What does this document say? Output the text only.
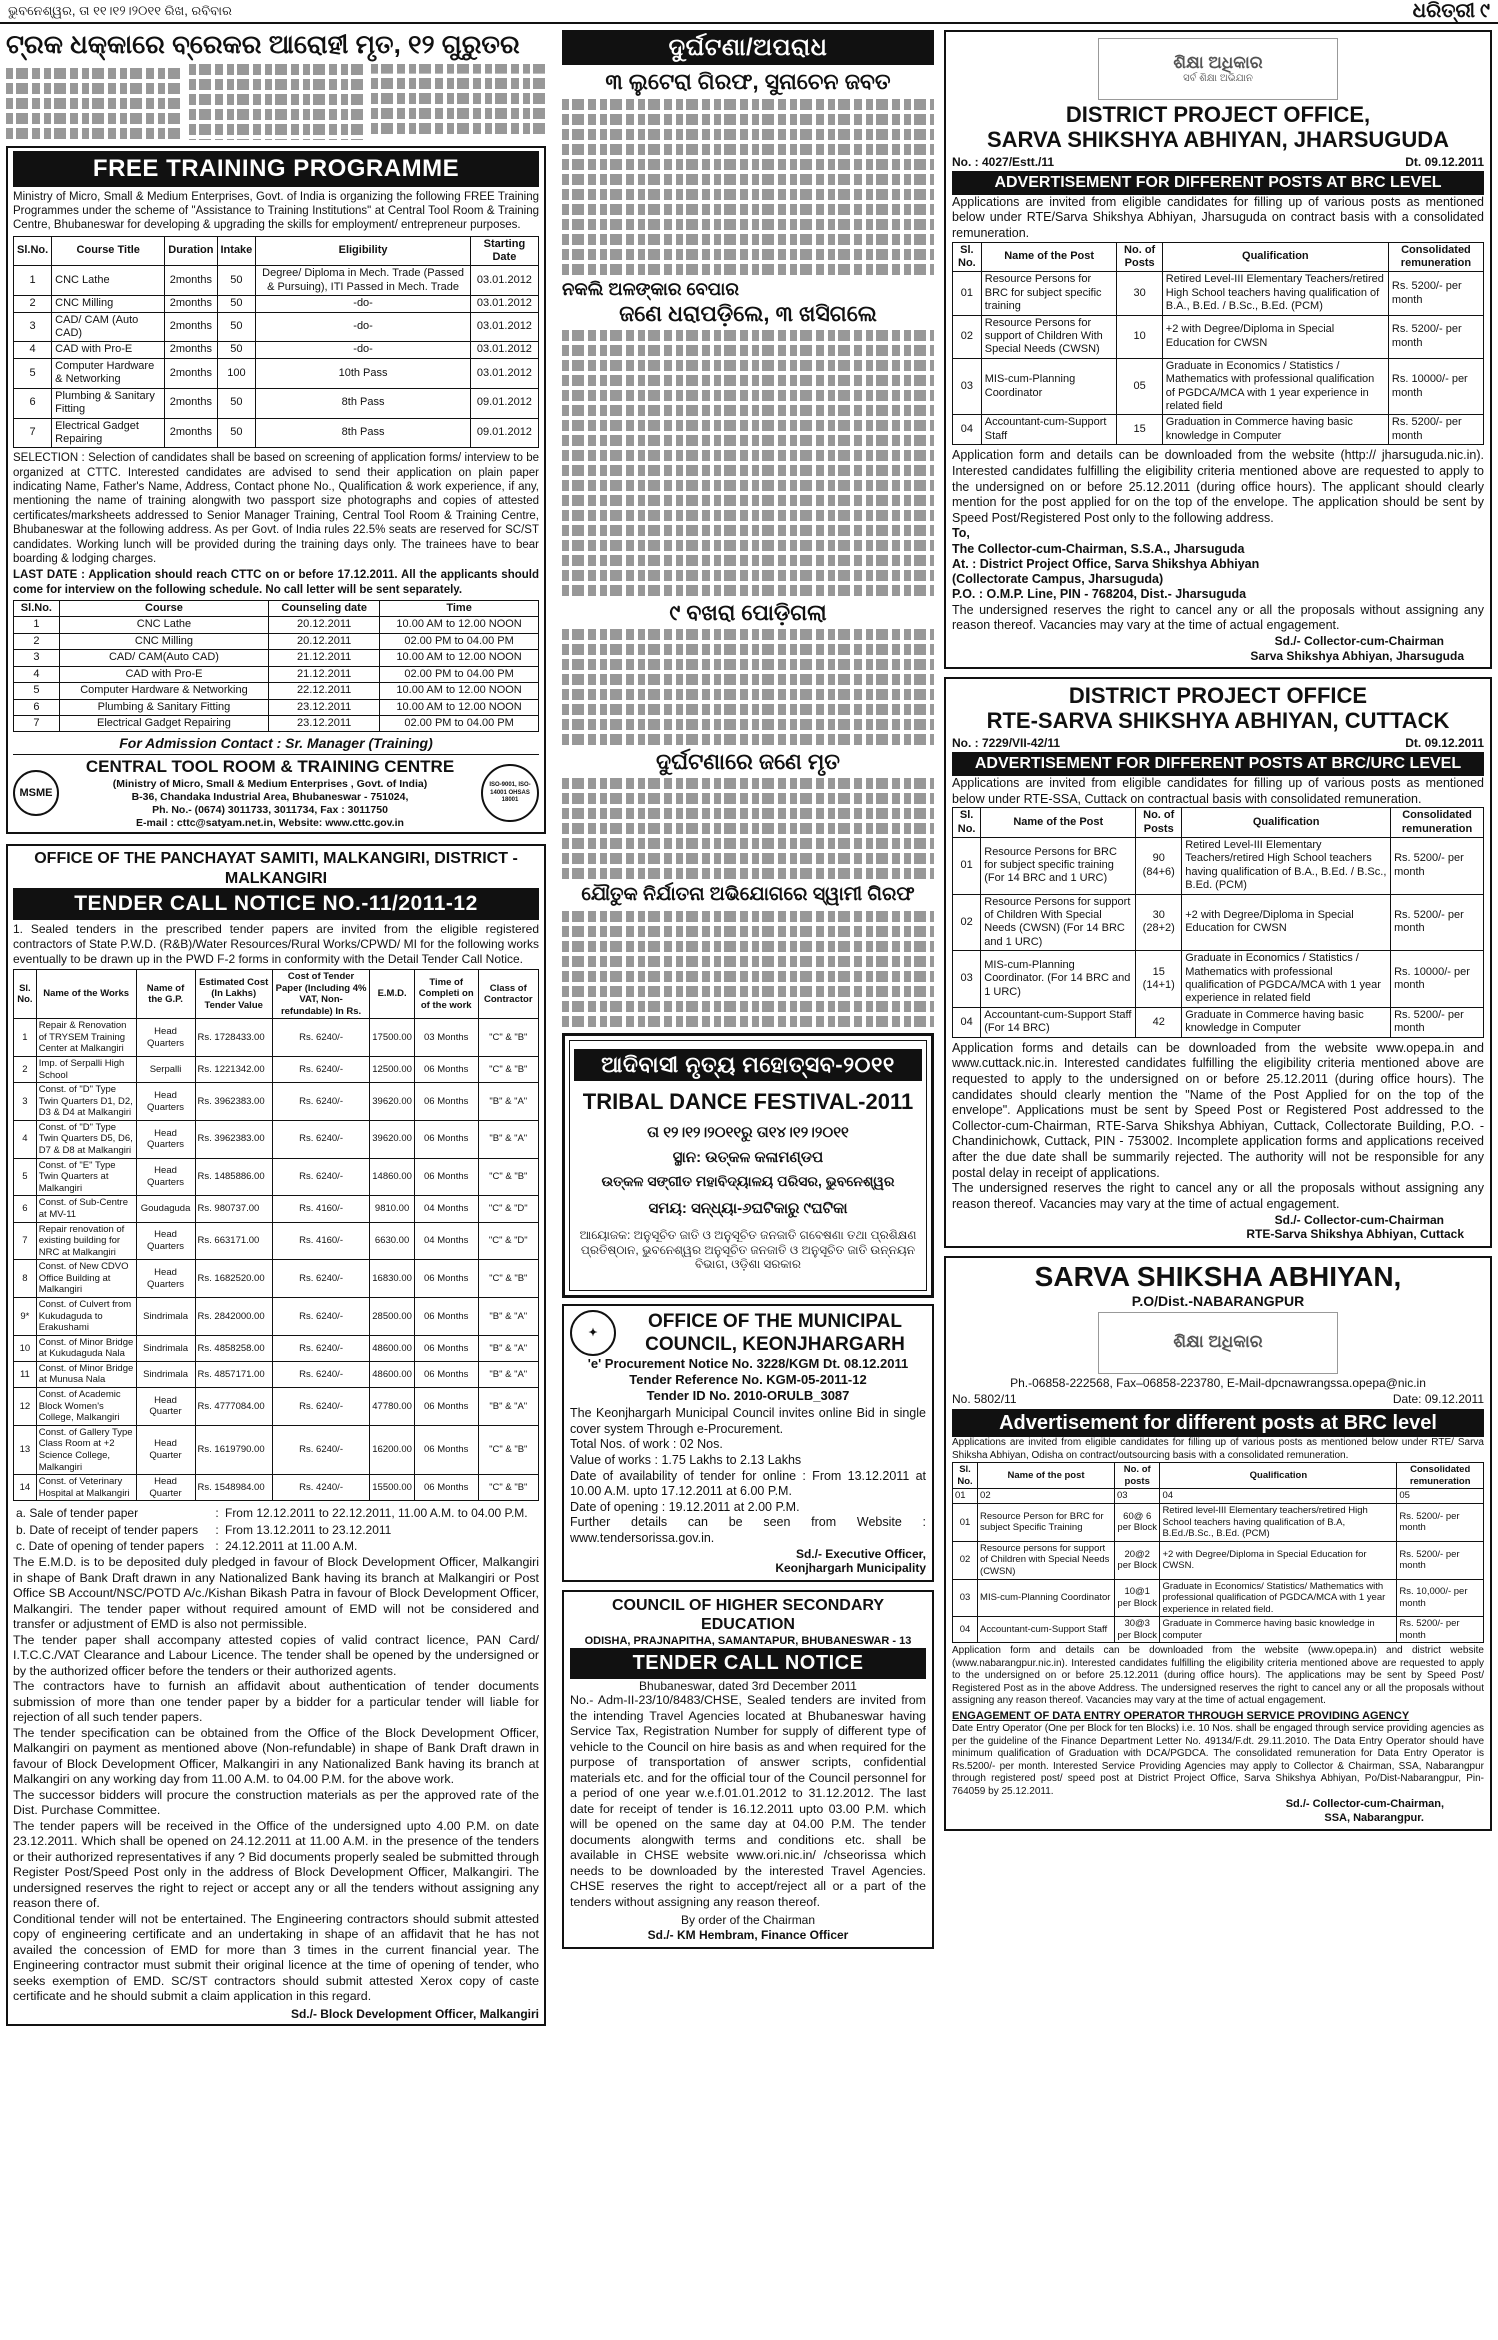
ଭୁବନେଶ୍ୱର, ତା ୧୧।୧୨।୨୦୧୧ ରିଖ, ରବିବାର	ଧରିତ୍ରୀ ୯
ଟ୍ରକ ଧକ୍କାରେ ବ୍ରେକର ଆରୋହୀ ମୃତ, ୧୨ ଗୁରୁତର
FREE TRAINING PROGRAMME
Ministry of Micro, Small & Medium Enterprises, Govt. of India is organizing the following FREE Training Programmes under the scheme of "Assistance to Training Institutions" at Central Tool Room & Training Centre, Bhubaneswar for developing & upgrading the skills for employment/ entrepreneur purposes.
Sl.No.	Course Title	Duration	Intake	Eligibility	Starting Date
1	CNC Lathe	2months	50	Degree/ Diploma in Mech. Trade (Passed & Pursuing), ITI Passed in Mech. Trade	03.01.2012
2	CNC Milling	2months	50	-do-	03.01.2012
3	CAD/ CAM (Auto CAD)	2months	50	-do-	03.01.2012
4	CAD with Pro-E	2months	50	-do-	03.01.2012
5	Computer Hardware & Networking	2months	100	10th Pass	03.01.2012
6	Plumbing & Sanitary Fitting	2months	50	8th Pass	09.01.2012
7	Electrical Gadget Repairing	2months	50	8th Pass	09.01.2012
SELECTION : Selection of candidates shall be based on screening of application forms/ interview to be organized at CTTC. Interested candidates are advised to send their application on plain paper indicating Name, Father's Name, Address, Contact phone No., Qualification & work experience, if any, mentioning the name of training alongwith two passport size photographs and copies of attested certificates/marksheets addressed to Senior Manager Training, Central Tool Room & Training Centre, Bhubaneswar at the following address. As per Govt. of India rules 22.5% seats are reserved for SC/ST candidates. Working lunch will be provided during the training days only. The trainees have to bear boarding & lodging charges.
LAST DATE : Application should reach CTTC on or before 17.12.2011. All the applicants should come for interview on the following schedule. No call letter will be sent separately.
Sl.No.	Course	Counseling date	Time
1	CNC Lathe	20.12.2011	10.00 AM to 12.00 NOON
2	CNC Milling	20.12.2011	02.00 PM to 04.00 PM
3	CAD/ CAM(Auto CAD)	21.12.2011	10.00 AM to 12.00 NOON
4	CAD with Pro-E	21.12.2011	02.00 PM to 04.00 PM
5	Computer Hardware & Networking	22.12.2011	10.00 AM to 12.00 NOON
6	Plumbing & Sanitary Fitting	23.12.2011	10.00 AM to 12.00 NOON
7	Electrical Gadget Repairing	23.12.2011	02.00 PM to 04.00 PM
For Admission Contact : Sr. Manager (Training)
MSME
CENTRAL TOOL ROOM & TRAINING CENTRE
(Ministry of Micro, Small & Medium Enterprises , Govt. of India)
B-36, Chandaka Industrial Area, Bhubaneswar - 751024,
Ph. No.- (0674) 3011733, 3011734, Fax : 3011750
E-mail : cttc@satyam.net.in, Website: www.cttc.gov.in
ISO-9001, ISO-14001 OHSAS 18001
OFFICE OF THE PANCHAYAT SAMITI, MALKANGIRI, DISTRICT - MALKANGIRI
TENDER CALL NOTICE NO.-11/2011-12
1. Sealed tenders in the prescribed tender papers are invited from the eligible registered contractors of State P.W.D. (R&B)/Water Resources/Rural Works/CPWD/ MI for the following works eventually to be drawn up in the PWD F-2 forms in conformity with the Detail Tender Call Notice.
Sl. No.	Name of the Works	Name of the G.P.	Estimated Cost (In Lakhs) Tender Value	Cost of Tender Paper (Including 4% VAT, Non-refundable) In Rs.	E.M.D.	Time of Completi on of the work	Class of Contractor
1	Repair & Renovation of TRYSEM Training Center at Malkangiri	Head Quarters	Rs. 1728433.00	Rs. 6240/-	17500.00	03 Months	"C" & "B"
2	Imp. of Serpalli High School	Serpalli	Rs. 1221342.00	Rs. 6240/-	12500.00	06 Months	"C" & "B"
3	Const. of "D" Type Twin Quarters D1, D2, D3 & D4 at Malkangiri	Head Quarters	Rs. 3962383.00	Rs. 6240/-	39620.00	06 Months	"B" & "A"
4	Const. of "D" Type Twin Quarters D5, D6, D7 & D8 at Malkangiri	Head Quarters	Rs. 3962383.00	Rs. 6240/-	39620.00	06 Months	"B" & "A"
5	Const. of "E" Type Twin Quarters at Malkangiri	Head Quarters	Rs. 1485886.00	Rs. 6240/-	14860.00	06 Months	"C" & "B"
6	Const. of Sub-Centre at MV-11	Goudaguda	Rs. 980737.00	Rs. 4160/-	9810.00	04 Months	"C" & "D"
7	Repair renovation of existing building for NRC at Malkangiri	Head Quarters	Rs. 663171.00	Rs. 4160/-	6630.00	04 Months	"C" & "D"
8	Const. of New CDVO Office Building at Malkangiri	Head Quarters	Rs. 1682520.00	Rs. 6240/-	16830.00	06 Months	"C" & "B"
9*	Const. of Culvert from Kukudaguda to Erakushami	Sindrimala	Rs. 2842000.00	Rs. 6240/-	28500.00	06 Months	"B" & "A"
10	Const. of Minor Bridge at Kukudaguda Nala	Sindrimala	Rs. 4858258.00	Rs. 6240/-	48600.00	06 Months	"B" & "A"
11	Const. of Minor Bridge at Munusa Nala	Sindrimala	Rs. 4857171.00	Rs. 6240/-	48600.00	06 Months	"B" & "A"
12	Const. of Academic Block Women's College, Malkangiri	Head Quarter	Rs. 4777084.00	Rs. 6240/-	47780.00	06 Months	"B" & "A"
13	Const. of Gallery Type Class Room at +2 Science College, Malkangiri	Head Quarter	Rs. 1619790.00	Rs. 6240/-	16200.00	06 Months	"C" & "B"
14	Const. of Veterinary Hospital at Malkangiri	Head Quarter	Rs. 1548984.00	Rs. 4240/-	15500.00	06 Months	"C" & "B"
a. Sale of tender paper	:	From 12.12.2011 to 22.12.2011, 11.00 A.M. to 04.00 P.M.
b. Date of receipt of tender papers	:	From 13.12.2011 to 23.12.2011
c. Date of opening of tender papers	:	24.12.2011 at 11.00 A.M.
The E.M.D. is to be deposited duly pledged in favour of Block Development Officer, Malkangiri in shape of Bank Draft drawn in any Nationalized Bank having its branch at Malkangiri or Post Office SB Account/NSC/POTD A/c./Kishan Bikash Patra in favour of Block Development Officer, Malkangiri. The tender paper without required amount of EMD will not be considered and transfer or adjustment of EMD is also not permissible.
The tender paper shall accompany attested copies of valid contract licence, PAN Card/ I.T.C.C./VAT Clearance and Labour Licence. The tender shall be opened by the undersigned or by the authorized officer before the tenders or their authorized agents.
The contractors have to furnish an affidavit about authentication of tender documents submission of more than one tender paper by a bidder for a particular tender will liable for rejection of all such tender papers.
The tender specification can be obtained from the Office of the Block Development Officer, Malkangiri on payment as mentioned above (Non-refundable) in shape of Bank Draft drawn in favour of Block Development Officer, Malkangiri in any Nationalized Bank having its branch at Malkangiri on any working day from 11.00 A.M. to 04.00 P.M. for the above work.
The successor bidders will procure the construction materials as per the approved rate of the Dist. Purchase Committee.
The tender papers will be received in the Office of the undersigned upto 4.00 P.M. on date 23.12.2011. Which shall be opened on 24.12.2011 at 11.00 A.M. in the presence of the tenders or their authorized representatives if any ? Bid documents properly sealed be submitted through Register Post/Speed Post only in the address of Block Development Officer, Malkangiri. The undersigned reserves the right to reject or accept any or all the tenders without assigning any reason there of.
Conditional tender will not be entertained. The Engineering contractors should submit attested copy of engineering certificate and an undertaking in shape of an affidavit that he has not availed the concession of EMD for more than 3 times in the current financial year. The Engineering contractor must submit their original licence at the time of opening of tender, who seeks exemption of EMD. SC/ST contractors should submit attested Xerox copy of caste certificate and he should submit a claim application in this regard.
Sd./- Block Development Officer, Malkangiri
ଦୁର୍ଘଟଣା/ଅପରାଧ
୩ ଲୁଟେରା ଗିରଫ, ସୁନାଚେନ ଜବତ
ନକଲି ଅଳଙ୍କାର ବେପାର
ଜଣେ ଧରାପଡ଼ିଲେ, ୩ ଖସିଗଲେ
୯ ବଖରା ପୋଡ଼ିଗଲା
ଦୁର୍ଘଟଣାରେ ଜଣେ ମୃତ
ଯୌତୁକ ନିର୍ଯାତନା ଅଭିଯୋଗରେ ସ୍ୱାମୀ ଗିରଫ
ଆଦିବାସୀ ନୃତ୍ୟ ମହୋତ୍ସବ-୨୦୧୧
TRIBAL DANCE FESTIVAL-2011
ତା ୧୨।୧୨।୨୦୧୧ରୁ ତା୧୪।୧୨।୨୦୧୧
ସ୍ଥାନ: ଉତ୍କଳ କଳାମଣ୍ଡପ
ଉତ୍କଳ ସଙ୍ଗୀତ ମହାବିଦ୍ୟାଳୟ ପରିସର, ଭୁବନେଶ୍ୱର
ସମୟ: ସନ୍ଧ୍ୟା-୬ଘଟିକାରୁ ୯ଘଟିକା
ଆୟୋଜକ: ଅନୁସୂଚିତ ଜାତି ଓ ଅନୁସୂଚିତ ଜନଜାତି ଗବେଷଣା ତଥା ପ୍ରଶିକ୍ଷଣ ପ୍ରତିଷ୍ଠାନ, ଭୁବନେଶ୍ୱର ଅନୁସୂଚିତ ଜନଜାତି ଓ ଅନୁସୂଚିତ ଜାତି ଉନ୍ନୟନ ବିଭାଗ, ଓଡ଼ିଶା ସରକାର
✦
OFFICE OF THE MUNICIPAL COUNCIL, KEONJHARGARH
'e' Procurement Notice No. 3228/KGM Dt. 08.12.2011
Tender Reference No. KGM-05-2011-12
Tender ID No. 2010-ORULB_3087
The Keonjhargarh Municipal Council invites online Bid in single cover system Through e-Procurement.
Total Nos. of work : 02 Nos.
Value of works : 1.75 Lakhs to 2.13 Lakhs
Date of availability of tender for online : From 13.12.2011 at 10.00 A.M. upto 17.12.2011 at 6.00 P.M.
Date of opening : 19.12.2011 at 2.00 P.M.
Further details can be seen from Website : www.tendersorissa.gov.in.
Sd./- Executive Officer,
Keonjhargarh Municipality
COUNCIL OF HIGHER SECONDARY EDUCATION
ODISHA, PRAJNAPITHA, SAMANTAPUR, BHUBANESWAR - 13
TENDER CALL NOTICE
Bhubaneswar, dated 3rd December 2011
No.- Adm-II-23/10/8483/CHSE, Sealed tenders are invited from the intending Travel Agencies located at Bhubaneswar having Service Tax, Registration Number for supply of different type of vehicle to the Council on hire basis as and when required for the purpose of transportation of answer scripts, confidential materials etc. and for the official tour of the Council personnel for a period of one year w.e.f.01.01.2012 to 31.12.2012. The last date for receipt of tender is 16.12.2011 upto 03.00 P.M. which will be opened on the same day at 04.00 P.M. The tender documents alongwith terms and conditions etc. shall be available in CHSE website www.ori.nic.in/ /chseorissa which needs to be downloaded by the interested Travel Agencies. CHSE reserves the right to accept/reject all or a part of the tenders without assigning any reason thereof.
By order of the Chairman
Sd./- KM Hembram, Finance Officer
ଶିକ୍ଷା ଅଧିକାର
ସର୍ବ ଶିକ୍ଷା ଅଭିଯାନ
DISTRICT PROJECT OFFICE,
SARVA SHIKSHYA ABHIYAN, JHARSUGUDA
No. : 4027/Estt./11	Dt. 09.12.2011
ADVERTISEMENT FOR DIFFERENT POSTS AT BRC LEVEL
Applications are invited from eligible candidates for filling up of various posts as mentioned below under RTE/Sarva Shikshya Abhiyan, Jharsuguda on contract basis with a consolidated remuneration.
Sl. No.	Name of the Post	No. of Posts	Qualification	Consolidated remuneration
01	Resource Persons for BRC for subject specific training	30	Retired Level-III Elementary Teachers/retired High School teachers having qualification of B.A., B.Ed. / B.Sc., B.Ed. (PCM)	Rs. 5200/- per month
02	Resource Persons for support of Children With Special Needs (CWSN)	10	+2 with Degree/Diploma in Special Education for CWSN	Rs. 5200/- per month
03	MIS-cum-Planning Coordinator	05	Graduate in Economics / Statistics / Mathematics with professional qualification of PGDCA/MCA with 1 year experience in related field	Rs. 10000/- per month
04	Accountant-cum-Support Staff	15	Graduation in Commerce having basic knowledge in Computer	Rs. 5200/- per month
Application form and details can be downloaded from the website (http:// jharsuguda.nic.in). Interested candidates fulfilling the eligibility criteria mentioned above are requested to apply to the undersigned on or before 25.12.2011 (during office hours). The applicant should clearly mention for the post applied for on the top of the envelope. The application should be sent by Speed Post/Registered Post only to the following address.
To,
The Collector-cum-Chairman, S.S.A., Jharsuguda
At. : District Project Office, Sarva Shikshya Abhiyan
(Collectorate Campus, Jharsuguda)
P.O. : O.M.P. Line, PIN - 768204, Dist.- Jharsuguda
The undersigned reserves the right to cancel any or all the proposals without assigning any reason thereof. Vacancies may vary at the time of actual engagement.
Sd./- Collector-cum-Chairman
Sarva Shikshya Abhiyan, Jharsuguda
DISTRICT PROJECT OFFICE
RTE-SARVA SHIKSHYA ABHIYAN, CUTTACK
No. : 7229/VII-42/11	Dt. 09.12.2011
ADVERTISEMENT FOR DIFFERENT POSTS AT BRC/URC LEVEL
Applications are invited from eligible candidates for filling up of various posts as mentioned below under RTE-SSA, Cuttack on contractual basis with consolidated remuneration.
Sl. No.	Name of the Post	No. of Posts	Qualification	Consolidated remuneration
01	Resource Persons for BRC for subject specific training (For 14 BRC and 1 URC)	90 (84+6)	Retired Level-III Elementary Teachers/retired High School teachers having qualification of B.A., B.Ed. / B.Sc., B.Ed. (PCM)	Rs. 5200/- per month
02	Resource Persons for support of Children With Special Needs (CWSN) (For 14 BRC and 1 URC)	30 (28+2)	+2 with Degree/Diploma in Special Education for CWSN	Rs. 5200/- per month
03	MIS-cum-Planning Coordinator. (For 14 BRC and 1 URC)	15 (14+1)	Graduate in Economics / Statistics / Mathematics with professional qualification of PGDCA/MCA with 1 year experience in related field	Rs. 10000/- per month
04	Accountant-cum-Support Staff (For 14 BRC)	42	Graduate in Commerce having basic knowledge in Computer	Rs. 5200/- per month
Application forms and details can be downloaded from the website www.opepa.in and www.cuttack.nic.in. Interested candidates fulfilling the eligibility criteria mentioned above are requested to apply to the undersigned on or before 25.12.2011 (during office hours). The candidates should clearly mention the "Name of the Post Applied for on the top of the envelope". Applications must be sent by Speed Post or Registered Post addressed to the Collector-cum-Chairman, RTE-Sarva Shikshya Abhiyan, Cuttack, Collectorate Building, P.O. - Chandinichowk, Cuttack, PIN - 753002. Incomplete application forms and applications received after the due date shall be summarily rejected. The authority will not be responsible for any postal delay in receipt of applications.
The undersigned reserves the right to cancel any or all the proposals without assigning any reason thereof. Vacancies may vary at the time of actual engagement.
Sd./- Collector-cum-Chairman
RTE-Sarva Shikshya Abhiyan, Cuttack
SARVA SHIKSHA ABHIYAN,
P.O/Dist.-NABARANGPUR
ଶିକ୍ଷା ଅଧିକାର
Ph.-06858-222568, Fax–06858-223780, E-Mail-dpcnawrangssa.opepa@nic.in
No. 5802/11	Date: 09.12.2011
Advertisement for different posts at BRC level
Applications are invited from eligible candidates for filling up of various posts as mentioned below under RTE/ Sarva Shiksha Abhiyan, Odisha on contract/outsourcing basis with a consolidated remuneration.
Sl. No.	Name of the post	No. of posts	Qualification	Consolidated remuneration
01	02	03	04	05
01	Resource Person for BRC for subject Specific Training	60@ 6 per Block	Retired level-III Elementary teachers/retired High School teachers having qualification of B.A, B.Ed./B.Sc., B.Ed. (PCM)	Rs. 5200/- per month
02	Resource persons for support of Children with Special Needs (CWSN)	20@2 per Block	+2 with Degree/Diploma in Special Education for CWSN.	Rs. 5200/- per month
03	MIS-cum-Planning Coordinator	10@1 per Block	Graduate in Economics/ Statistics/ Mathematics with professional qualification of PGDCA/MCA with 1 year experience in related field.	Rs. 10,000/- per month
04	Accountant-cum-Support Staff	30@3 per Block	Graduate in Commerce having basic knowledge in computer	Rs. 5200/- per month
Application form and details can be downloaded from the website (www.opepa.in) and district website (www.nabarangpur.nic.in). Interested candidates fulfilling the eligibility criteria mentioned above are requested to apply to the undersigned on or before 25.12.2011 (during office hours). The applications may be sent by Speed Post/ Registered Post as in the above Address. The undersigned reserves the right to cancel any or all the proposals without assigning any reason thereof. Vacancies may vary at the time of actual engagement.
ENGAGEMENT OF DATA ENTRY OPERATOR THROUGH SERVICE PROVIDING AGENCY
Date Entry Operator (One per Block for ten Blocks) i.e. 10 Nos. shall be engaged through service providing agencies as per the guideline of the Finance Department Letter No. 49134/F.dt. 29.11.2010. The Data Entry Operator should have minimum qualification of Graduation with DCA/PGDCA. The consolidated remuneration for Data Entry Operator is Rs.5200/- per month. Interested Service Providing Agencies may apply to Collector & Chairman, SSA, Nabarangpur through registered post/ speed post at District Project Office, Sarva Shikshya Abhiyan, Po/Dist-Nabarangpur, Pin-764059 by 25.12.2011.
Sd./- Collector-cum-Chairman,
SSA, Nabarangpur.
